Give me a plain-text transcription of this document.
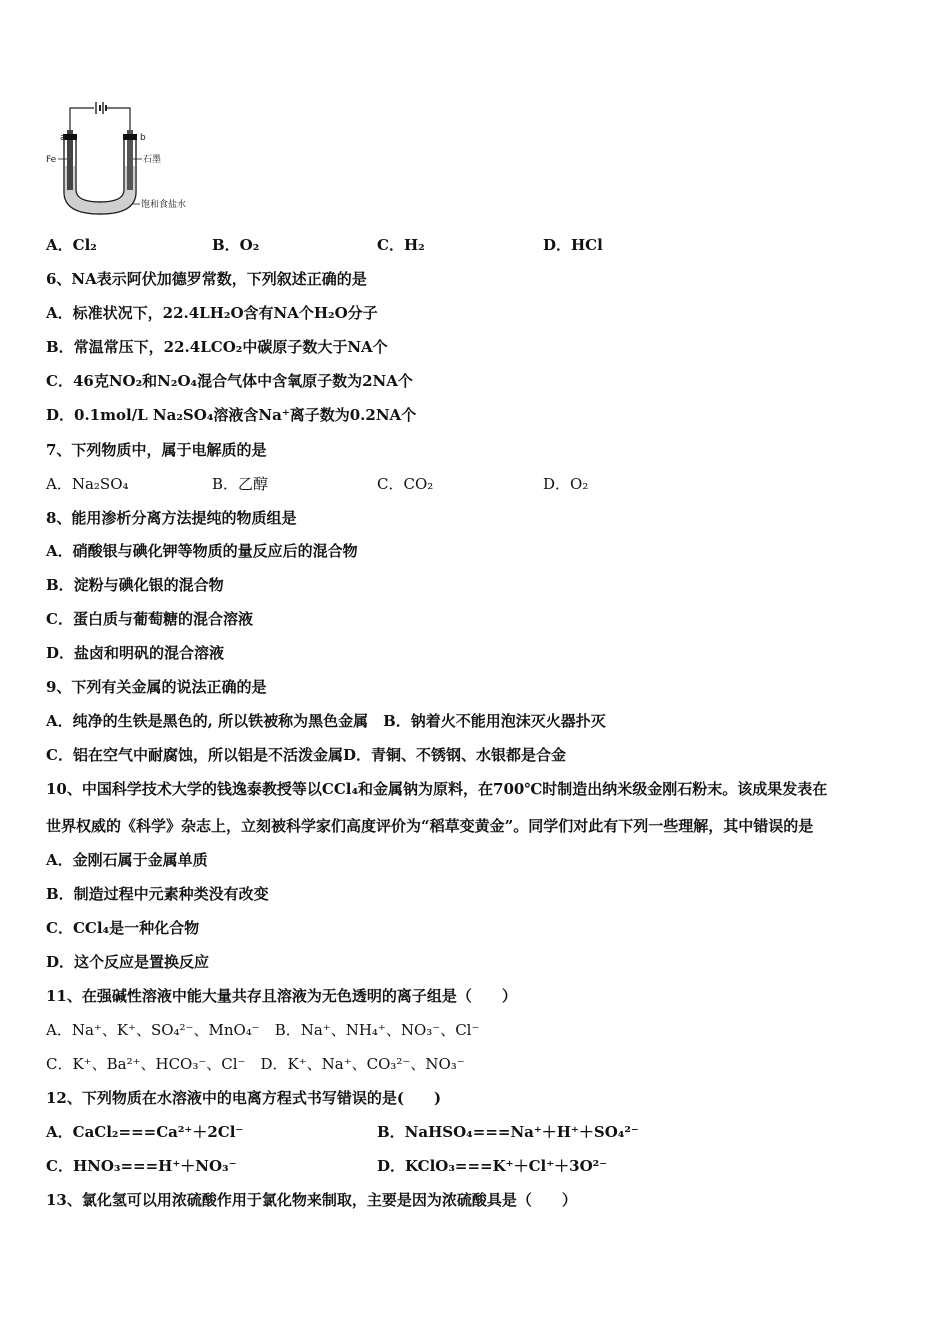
a	b
Fe	石墨
饱和食盐水
A．Cl₂	B．O₂	C．H₂	D．HCl
6、NA表示阿伏加德罗常数，下列叙述正确的是
A．标准状况下，22.4LH₂O含有NA个H₂O分子
B．常温常压下，22.4LCO₂中碳原子数大于NA个
C．46克NO₂和N₂O₄混合气体中含氧原子数为2NA个
D．0.1mol/L Na₂SO₄溶液含Na⁺离子数为0.2NA个
7、下列物质中，属于电解质的是
A．Na₂SO₄	B．乙醇	C．CO₂	D．O₂
8、能用渗析分离方法提纯的物质组是
A．硝酸银与碘化钾等物质的量反应后的混合物
B．淀粉与碘化银的混合物
C．蛋白质与葡萄糖的混合溶液
D．盐卤和明矾的混合溶液
9、下列有关金属的说法正确的是
A．纯净的生铁是黑色的, 所以铁被称为黑色金属　B．钠着火不能用泡沫灭火器扑灭
C．铝在空气中耐腐蚀，所以铝是不活泼金属D．青铜、不锈钢、水银都是合金
10、中国科学技术大学的钱逸泰教授等以CCl₄和金属钠为原料，在700℃时制造出纳米级金刚石粉末。该成果发表在
世界权威的《科学》杂志上，立刻被科学家们高度评价为“稻草变黄金”。同学们对此有下列一些理解，其中错误的是
A．金刚石属于金属单质
B．制造过程中元素种类没有改变
C．CCl₄是一种化合物
D．这个反应是置换反应
11、在强碱性溶液中能大量共存且溶液为无色透明的离子组是（　　）
A．Na⁺、K⁺、SO₄²⁻、MnO₄⁻　B．Na⁺、NH₄⁺、NO₃⁻、Cl⁻
C．K⁺、Ba²⁺、HCO₃⁻、Cl⁻　D．K⁺、Na⁺、CO₃²⁻、NO₃⁻
12、下列物质在水溶液中的电离方程式书写错误的是(　　)
A．CaCl₂===Ca²⁺＋2Cl⁻	B．NaHSO₄===Na⁺＋H⁺＋SO₄²⁻
C．HNO₃===H⁺＋NO₃⁻	D．KClO₃===K⁺＋Cl⁺＋3O²⁻
13、氯化氢可以用浓硫酸作用于氯化物来制取，主要是因为浓硫酸具是（　　）
